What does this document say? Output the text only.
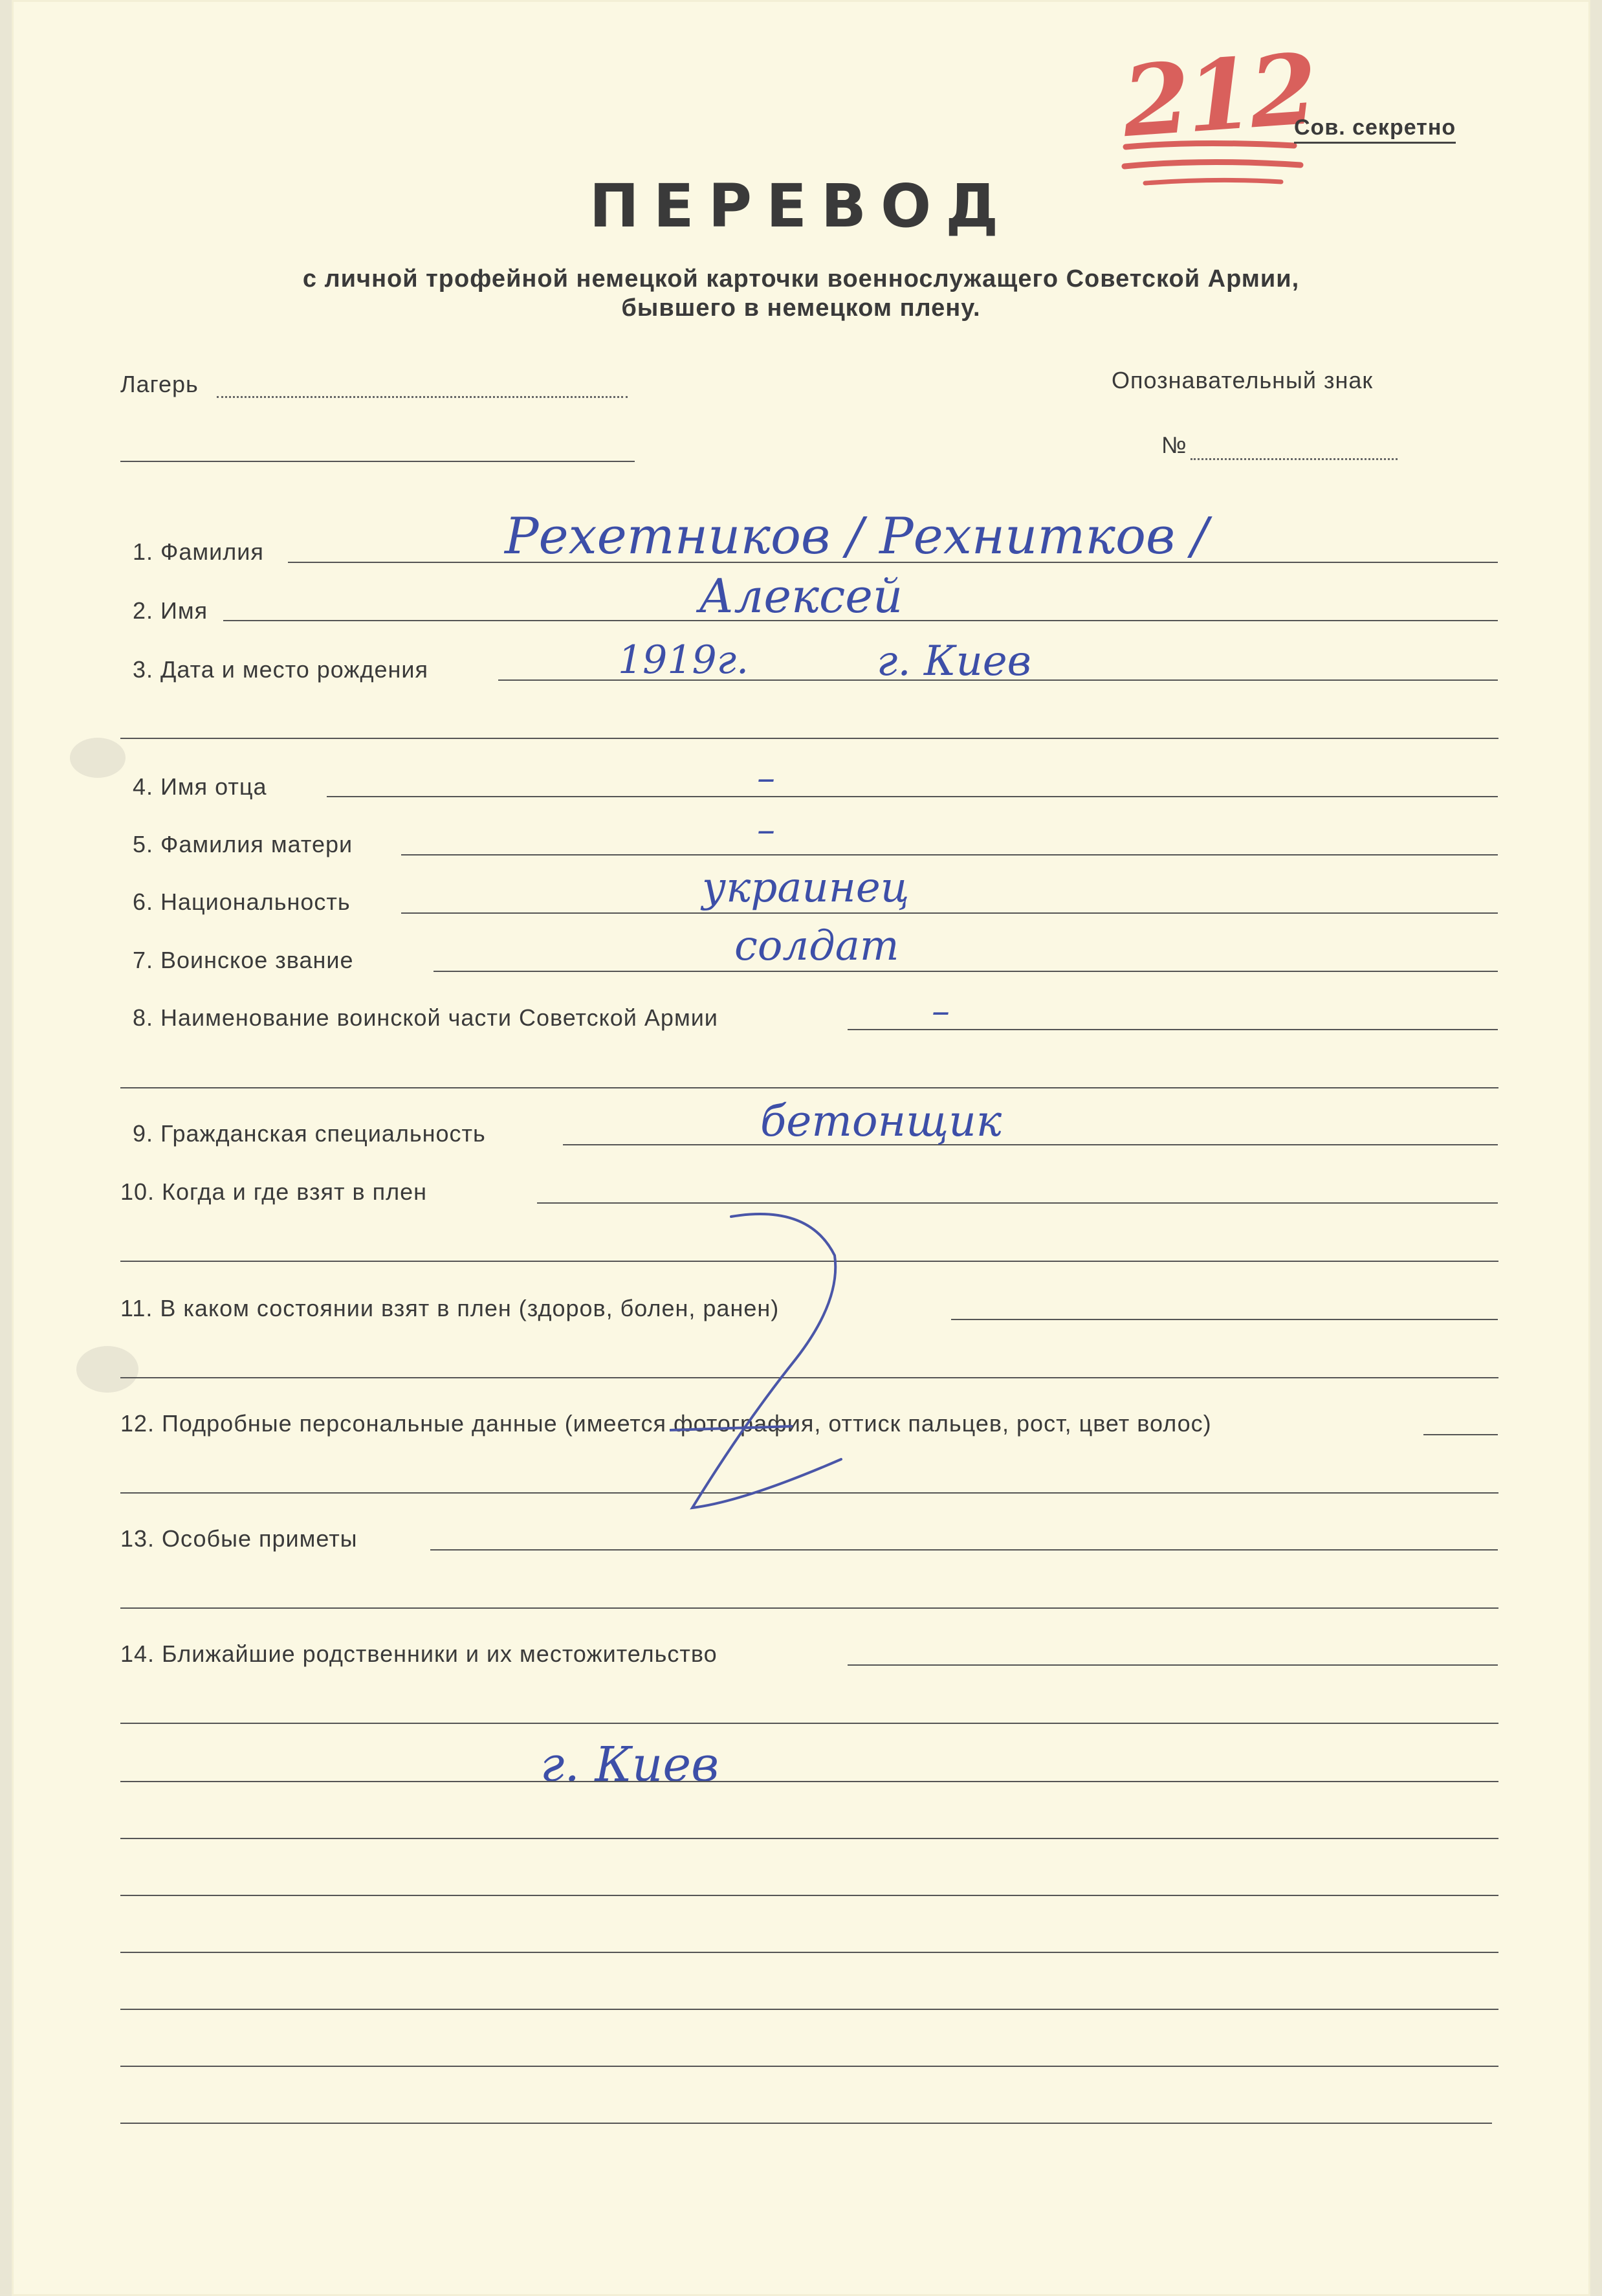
212
Сов. секретно
ПЕРЕВОД
с личной трофейной немецкой карточки военнослужащего Советской Армии,
бывшего в немецком плену.
Лагерь	Опознавательный знак
№
1. Фамилия	Рехетников / Рехнитков /
2. Имя	Алексей
3. Дата и место рождения	1919г.	г. Киев
4. Имя отца	–
5. Фамилия матери	–
6. Национальность	украинец
7. Воинское звание	солдат
8. Наименование воинской части Советской Армии	–
9. Гражданская специальность	бетонщик
10. Когда и где взят в плен
11. В каком состоянии взят в плен (здоров, болен, ранен)
12. Подробные персональные данные (имеется фотография, оттиск пальцев, рост, цвет волос)
13. Особые приметы
14. Ближайшие родственники и их местожительство
г. Киев
